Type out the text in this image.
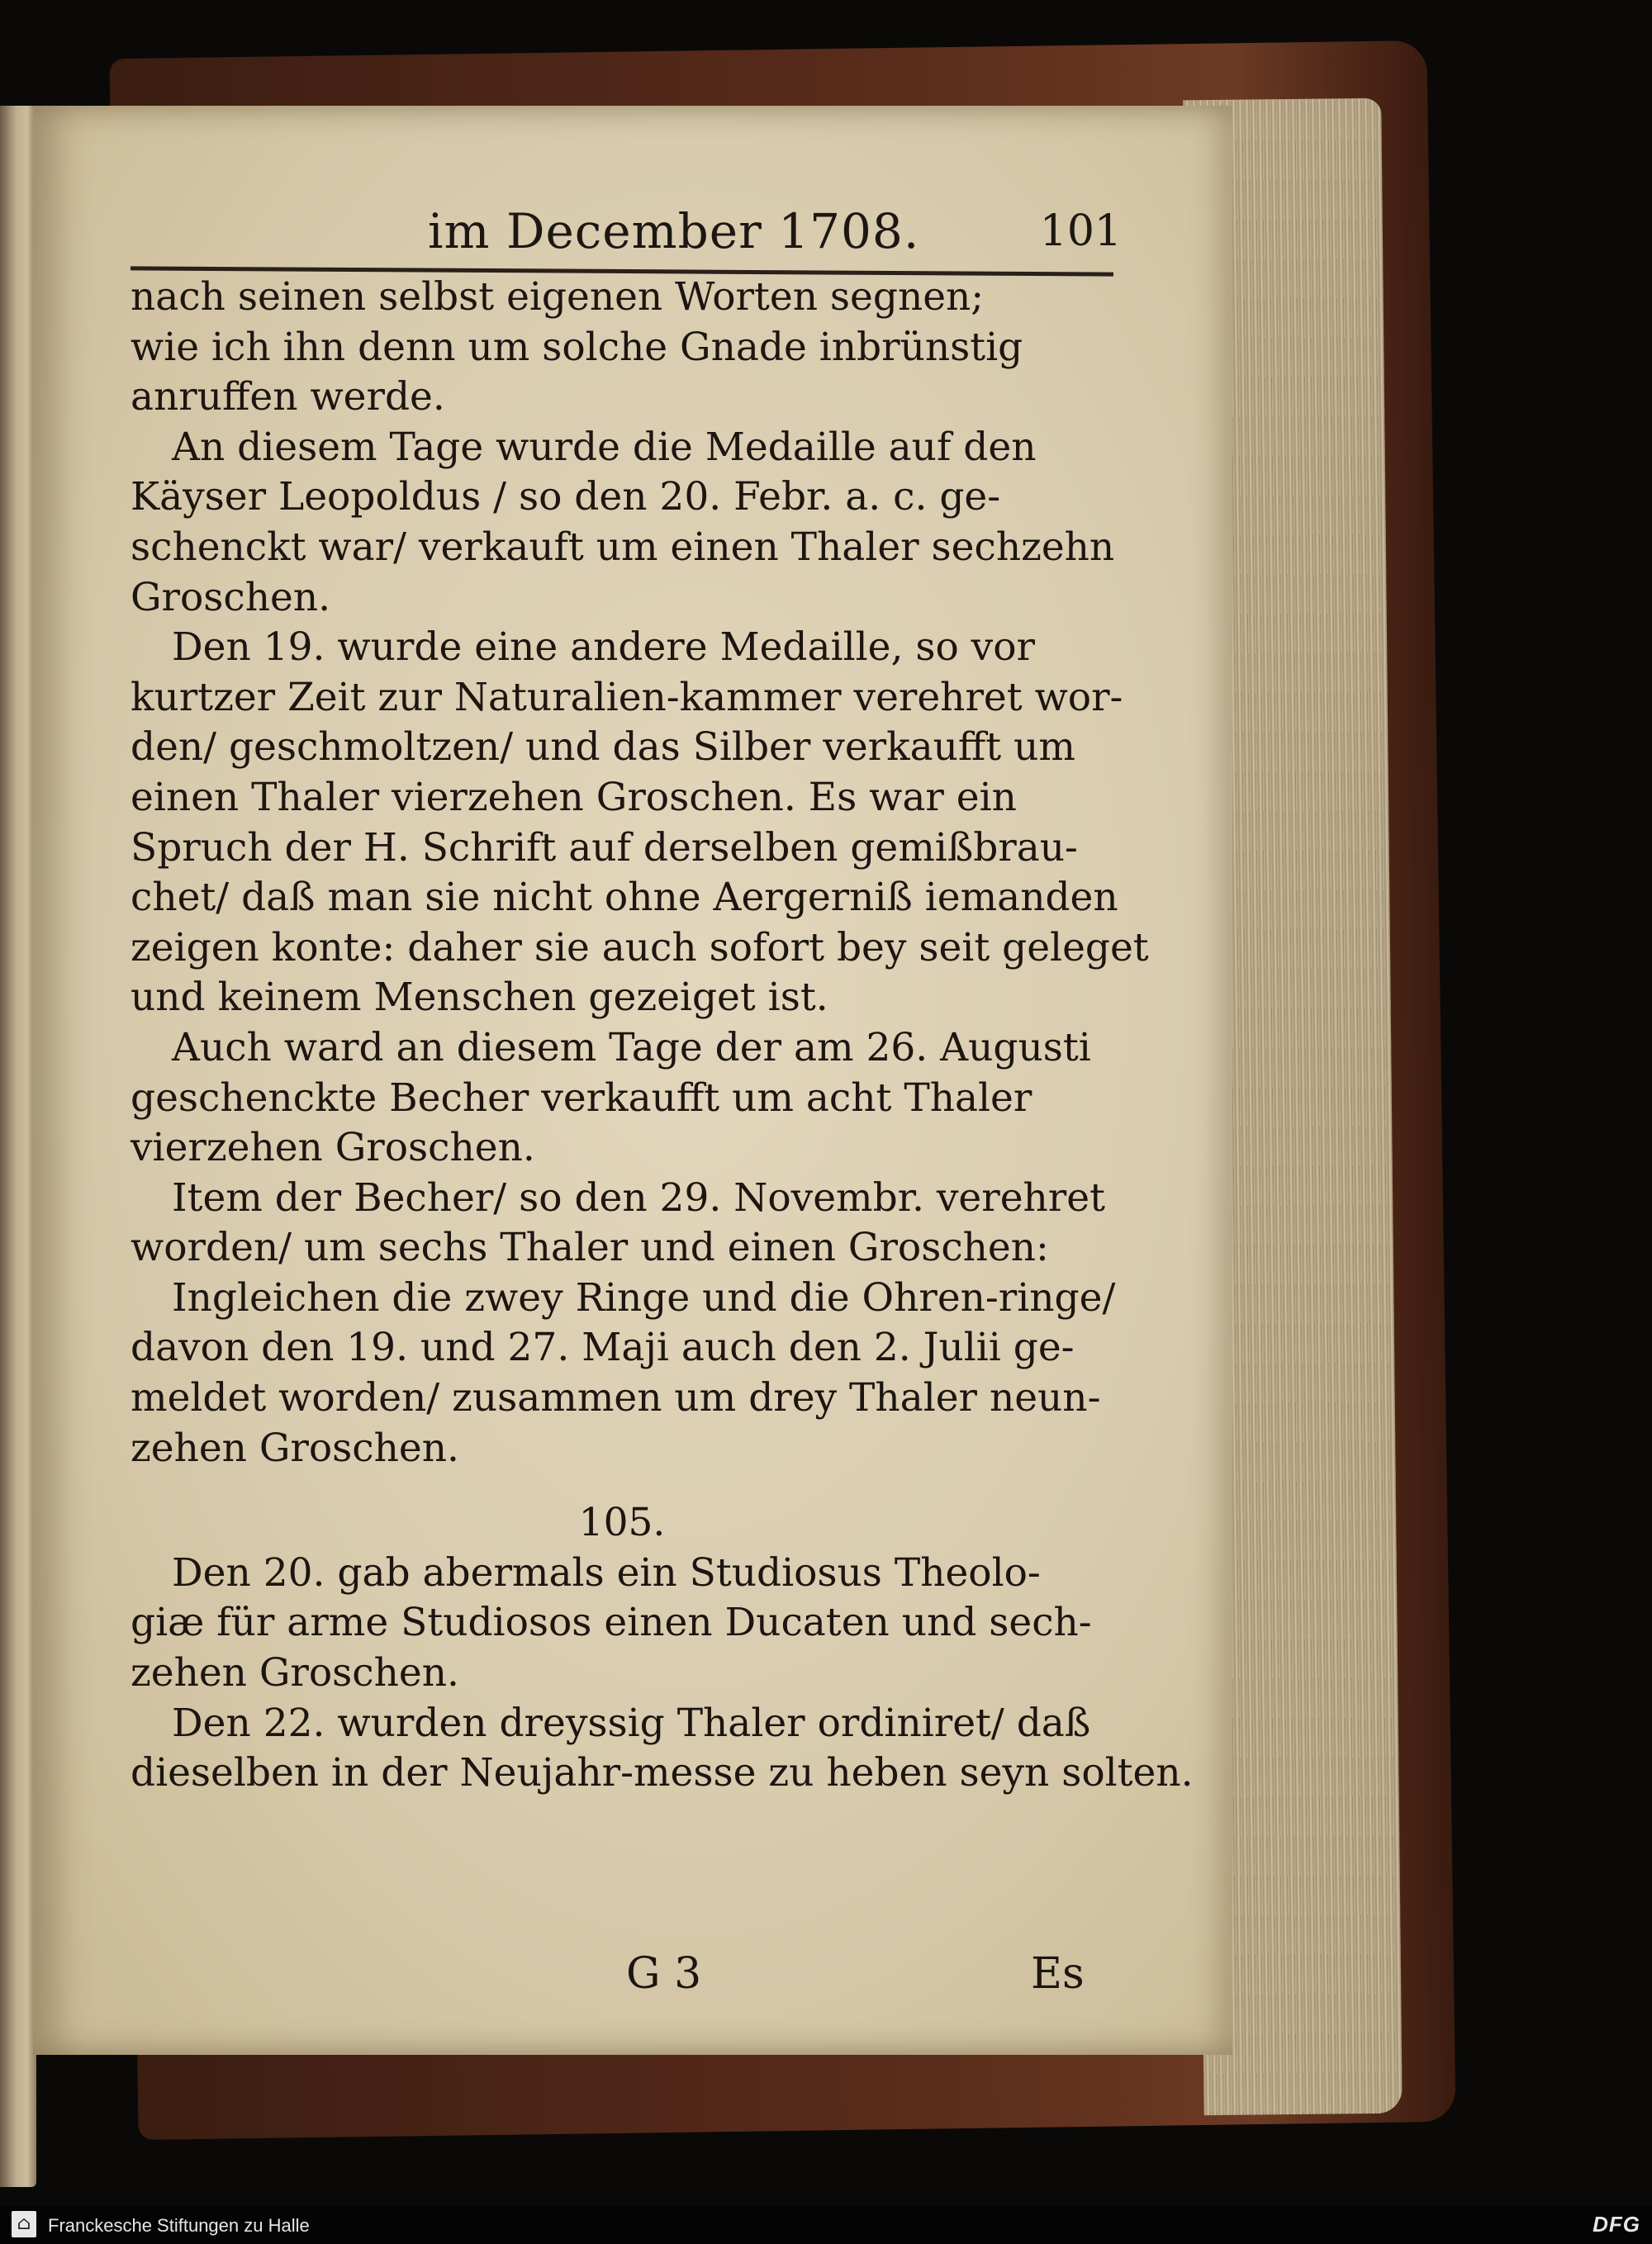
im December 1708.	101
nach seinen selbst eigenen Worten segnen;
wie ich ihn denn um solche Gnade inbrünstig
anruffen werde.
An diesem Tage wurde die Medaille auf den
Käyser Leopoldus / so den 20. Febr. a. c. ge-
schenckt war/ verkauft um einen Thaler sechzehn
Groschen.
Den 19. wurde eine andere Medaille, so vor
kurtzer Zeit zur Naturalien-kammer verehret wor-
den/ geschmoltzen/ und das Silber verkaufft um
einen Thaler vierzehen Groschen. Es war ein
Spruch der H. Schrift auf derselben gemißbrau-
chet/ daß man sie nicht ohne Aergerniß iemanden
zeigen konte: daher sie auch sofort bey seit geleget
und keinem Menschen gezeiget ist.
Auch ward an diesem Tage der am 26. Augusti
geschenckte Becher verkaufft um acht Thaler
vierzehen Groschen.
Item der Becher/ so den 29. Novembr. verehret
worden/ um sechs Thaler und einen Groschen:
Ingleichen die zwey Ringe und die Ohren-ringe/
davon den 19. und 27. Maji auch den 2. Julii ge-
meldet worden/ zusammen um drey Thaler neun-
zehen Groschen.
105.
Den 20. gab abermals ein Studiosus Theolo-
giæ für arme Studiosos einen Ducaten und sech-
zehen Groschen.
Den 22. wurden dreyssig Thaler ordiniret/ daß
dieselben in der Neujahr-messe zu heben seyn solten.
G 3	Es
⌂ Franckesche Stiftungen zu Halle	DFG
